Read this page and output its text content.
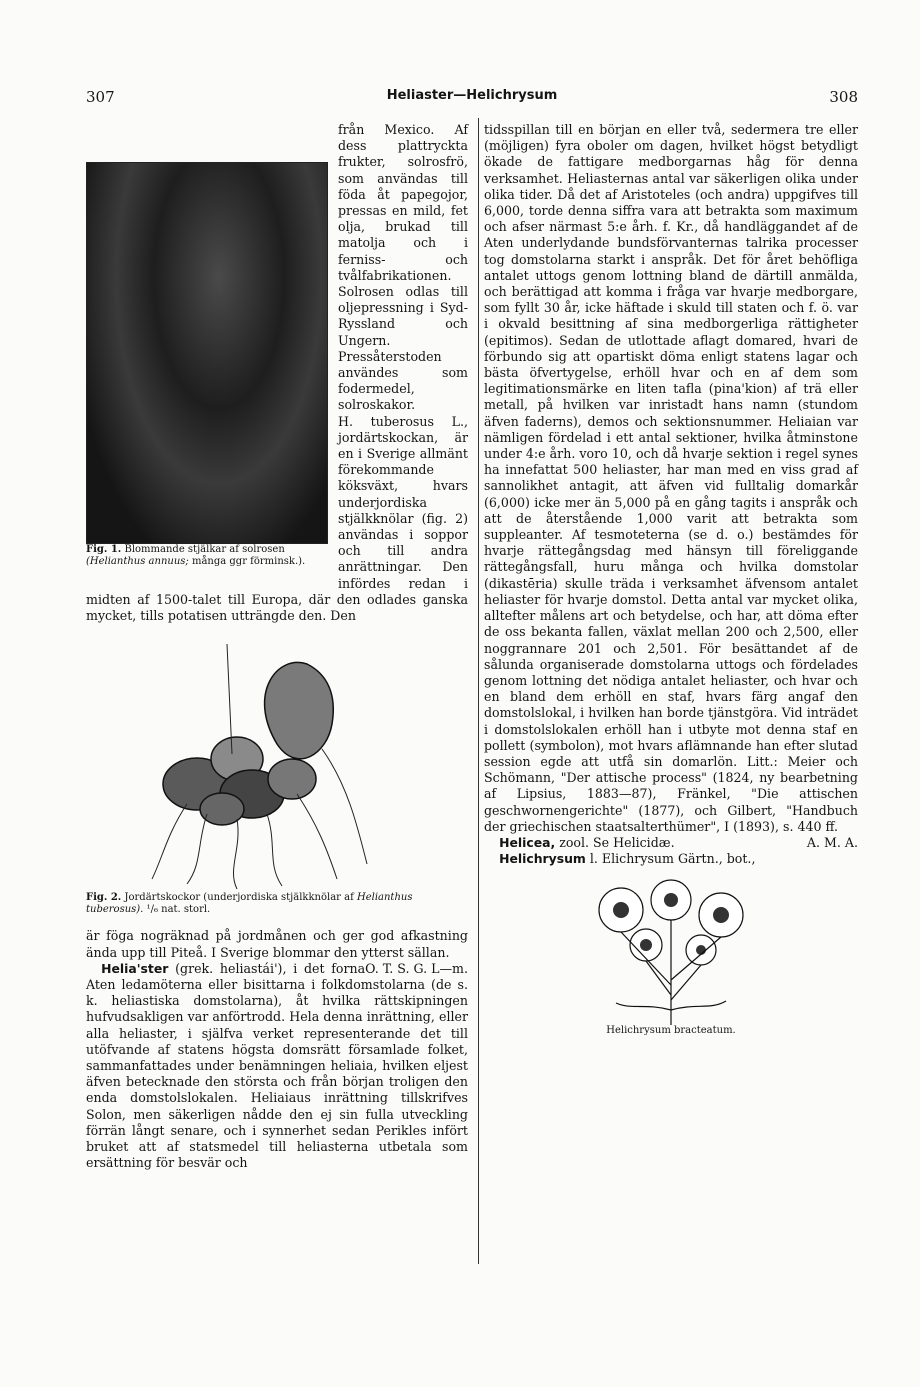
307	Heliaster—Helichrysum	308
Fig. 1. Blommande stjälkar af solrosen (Helianthus annuus; många ggr förminsk.).

från Mexico. Af dess plattryckta frukter, solrosfrö, som användas till föda åt papegojor, pressas en mild, fet olja, brukad till matolja och i ferniss- och tvålfabrikationen. Solrosen odlas till oljepressning i Syd-Ryssland och Ungern. Pressåterstoden användes som fodermedel, solroskakor.

H. tuberosus L., jordärtskockan, är en i Sverige allmänt förekommande köksväxt, hvars underjordiska stjälkknölar (fig. 2) användas i soppor och till andra anrättningar. Den infördes redan i midten af 1500-talet till Europa, där den odlades ganska mycket, tills potatisen utträngde den. Den

Fig. 2. Jordärtskockor (underjordiska stjälkknölar af Helianthus tuberosus). ¹/₆ nat. storl.

är föga nogräknad på jordmånen och ger god afkastning ända upp till Piteå. I Sverige blommar den ytterst sällan.
O. T. S. G. L—m.

Helia'ster (grek. heliastái'), i det forna Aten ledamöterna eller bisittarna i folkdomstolarna (de s. k. heliastiska domstolarna), åt hvilka rättskipningen hufvudsakligen var anförtrodd. Hela denna inrättning, eller alla heliaster, i själfva verket representerande det till utöfvande af statens högsta domsrätt församlade folket, sammanfattades under benämningen heliaia, hvilken eljest äfven betecknade den största och från början troligen den enda domstolslokalen. Heliaiaus inrättning tillskrifves Solon, men säkerligen nådde den ej sin fulla utveckling förrän långt senare, och i synnerhet sedan Perikles infört bruket att af statsmedel till heliasterna utbetala som ersättning för besvär och

tidsspillan till en början en eller två, sedermera tre eller (möjligen) fyra oboler om dagen, hvilket högst betydligt ökade de fattigare medborgarnas håg för denna verksamhet. Heliasternas antal var säkerligen olika under olika tider. Då det af Aristoteles (och andra) uppgifves till 6,000, torde denna siffra vara att betrakta som maximum och afser närmast 5:e årh. f. Kr., då handläggandet af de Aten underlydande bundsförvanternas talrika processer tog domstolarna starkt i anspråk. Det för året behöfliga antalet uttogs genom lottning bland de därtill anmälda, och berättigad att komma i fråga var hvarje medborgare, som fyllt 30 år, icke häftade i skuld till staten och f. ö. var i okvald besittning af sina medborgerliga rättigheter (epitimos). Sedan de utlottade aflagt domared, hvari de förbundo sig att opartiskt döma enligt statens lagar och bästa öfvertygelse, erhöll hvar och en af dem som legitimationsmärke en liten tafla (pina'kion) af trä eller metall, på hvilken var inristadt hans namn (stundom äfven faderns), demos och sektionsnummer. Heliaian var nämligen fördelad i ett antal sektioner, hvilka åtminstone under 4:e årh. voro 10, och då hvarje sektion i regel synes ha innefattat 500 heliaster, har man med en viss grad af sannolikhet antagit, att äfven vid fulltalig domarkår (6,000) icke mer än 5,000 på en gång tagits i anspråk och att de återstående 1,000 varit att betrakta som suppleanter. Af tesmoteterna (se d. o.) bestämdes för hvarje rättegångsdag med hänsyn till föreliggande rättegångsfall, huru många och hvilka domstolar (dikastēria) skulle träda i verksamhet äfvensom antalet heliaster för hvarje domstol. Detta antal var mycket olika, alltefter målens art och betydelse, och har, att döma efter de oss bekanta fallen, växlat mellan 200 och 2,500, eller noggrannare 201 och 2,501. För besättandet af de sålunda organiserade domstolarna uttogs och fördelades genom lottning det nödiga antalet heliaster, och hvar och en bland dem erhöll en staf, hvars färg angaf den domstolslokal, i hvilken han borde tjänstgöra. Vid inträdet i domstolslokalen erhöll han i utbyte mot denna staf en pollett (symbolon), mot hvars aflämnande han efter slutad session egde att utfå sin domarlön. Litt.: Meier och Schömann, "Der attische process" (1824, ny bearbetning af Lipsius, 1883—87), Fränkel, "Die attischen geschwornengerichte" (1877), och Gilbert, "Handbuch der griechischen staatsalterthümer", I (1893), s. 440 ff.
A. M. A.

Helicea, zool. Se Helicidæ.

Helichrysum l. Elichrysum Gärtn., bot.,

Helichrysum bracteatum.
